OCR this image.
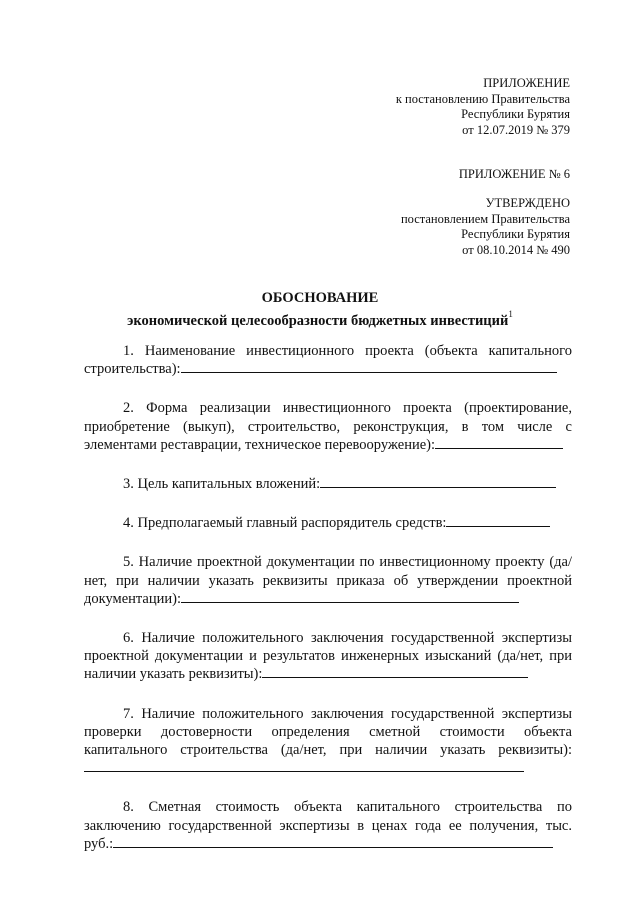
ПРИЛОЖЕНИЕ
к постановлению Правительства
Республики Бурятия
от 12.07.2019 № 379
ПРИЛОЖЕНИЕ № 6
УТВЕРЖДЕНО
постановлением Правительства
Республики Бурятия
от 08.10.2014 № 490
ОБОСНОВАНИЕ
экономической целесообразности бюджетных инвестиций$^1$

1. Наименование инвестиционного проекта (объекта капитального строительства):

2. Форма реализации инвестиционного проекта (проектирование, приобретение (выкуп), строительство, реконструкция, в том числе с элементами реставрации, техническое перевооружение):

3. Цель капитальных вложений:

4. Предполагаемый главный распорядитель средств:

5. Наличие проектной документации по инвестиционному проекту (да/нет, при наличии указать реквизиты приказа об утверждении проектной документации):

6. Наличие положительного заключения государственной экспертизы проектной документации и результатов инженерных изысканий (да/нет, при наличии указать реквизиты):

7. Наличие положительного заключения государственной экспертизы проверки достоверности определения сметной стоимости объекта капитального строительства (да/нет, при наличии указать реквизиты):

8. Сметная стоимость объекта капитального строительства по заключению государственной экспертизы в ценах года ее получения, тыс. руб.:
